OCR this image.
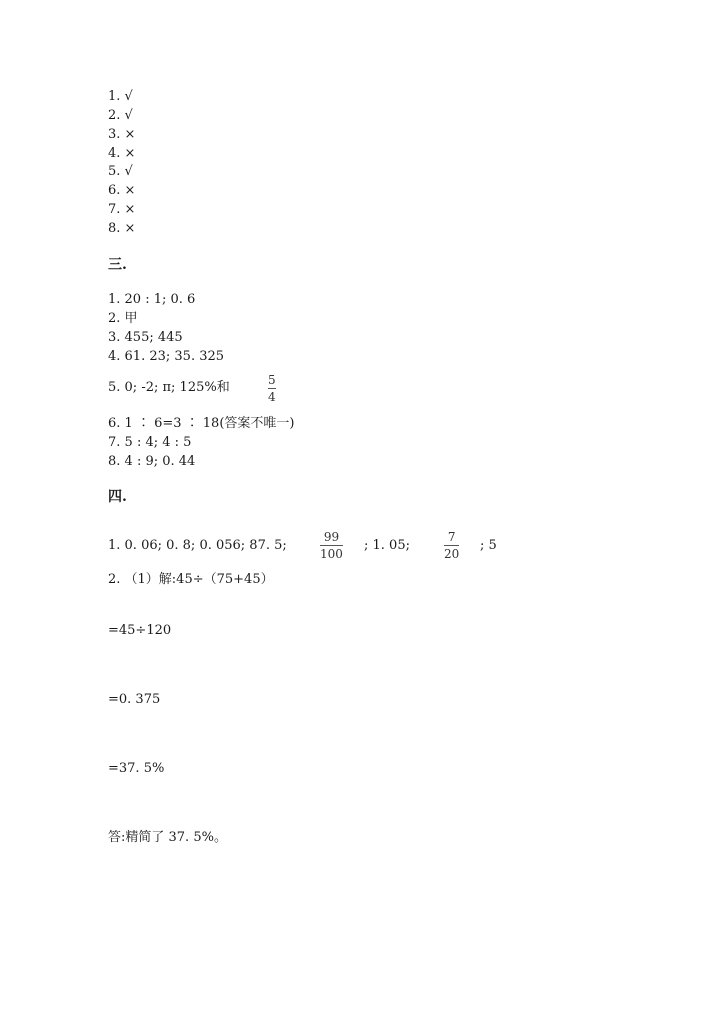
1. √
2. √
3. ×
4. ×
5. √
6. ×
7. ×
8. ×
三.
1. 20 : 1; 0. 6
2. 甲
3. 455; 445
4. 61. 23; 35. 325
5. 0; -2; π; 125%和	5
4
6. 1 ∶ 6=3 ∶ 18(答案不唯一)
7. 5 : 4; 4 : 5
8. 4 : 9; 0. 44
四.
1. 0. 06; 0. 8; 0. 056; 87. 5;
99
100
; 1. 05;
7
20
; 5
2. （1）解:45÷（75+45）
=45÷120
=0. 375
=37. 5%
答:精简了 37. 5%。
